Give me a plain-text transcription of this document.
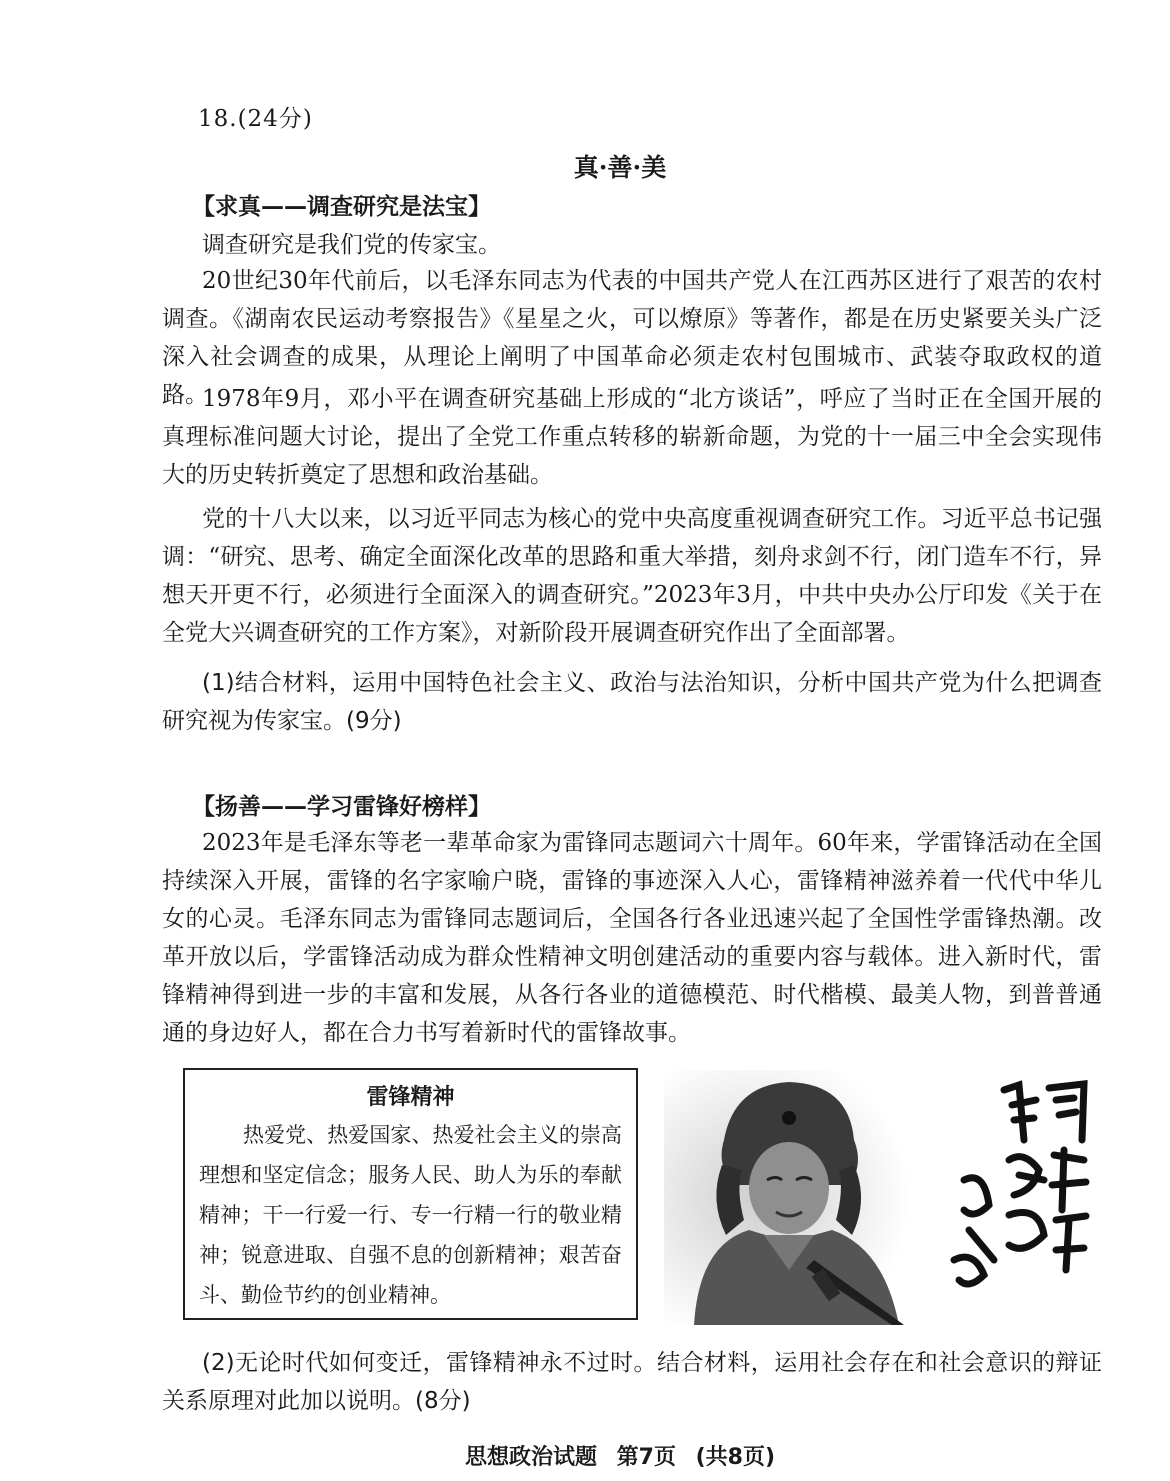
18.(24分)
真·善·美
【求真——调查研究是法宝】

调查研究是我们党的传家宝。

20世纪30年代前后，以毛泽东同志为代表的中国共产党人在江西苏区进行了艰苦的农村调查。《湖南农民运动考察报告》《星星之火，可以燎原》等著作，都是在历史紧要关头广泛深入社会调查的成果，从理论上阐明了中国革命必须走农村包围城市、武装夺取政权的道路。

1978年9月，邓小平在调查研究基础上形成的“北方谈话”，呼应了当时正在全国开展的真理标准问题大讨论，提出了全党工作重点转移的崭新命题，为党的十一届三中全会实现伟大的历史转折奠定了思想和政治基础。

党的十八大以来，以习近平同志为核心的党中央高度重视调查研究工作。习近平总书记强调：“研究、思考、确定全面深化改革的思路和重大举措，刻舟求剑不行，闭门造车不行，异想天开更不行，必须进行全面深入的调查研究。”2023年3月，中共中央办公厅印发《关于在全党大兴调查研究的工作方案》，对新阶段开展调查研究作出了全面部署。

(1)结合材料，运用中国特色社会主义、政治与法治知识，分析中国共产党为什么把调查研究视为传家宝。(9分)

【扬善——学习雷锋好榜样】

2023年是毛泽东等老一辈革命家为雷锋同志题词六十周年。60年来，学雷锋活动在全国持续深入开展，雷锋的名字家喻户晓，雷锋的事迹深入人心，雷锋精神滋养着一代代中华儿女的心灵。毛泽东同志为雷锋同志题词后，全国各行各业迅速兴起了全国性学雷锋热潮。改革开放以后，学雷锋活动成为群众性精神文明创建活动的重要内容与载体。进入新时代，雷锋精神得到进一步的丰富和发展，从各行各业的道德模范、时代楷模、最美人物，到普普通通的身边好人，都在合力书写着新时代的雷锋故事。

雷锋精神

热爱党、热爱国家、热爱社会主义的崇高理想和坚定信念；服务人民、助人为乐的奉献精神；干一行爱一行、专一行精一行的敬业精神；锐意进取、自强不息的创新精神；艰苦奋斗、勤俭节约的创业精神。

(2)无论时代如何变迁，雷锋精神永不过时。结合材料，运用社会存在和社会意识的辩证关系原理对此加以说明。(8分)

思想政治试题 第7页 (共8页)
